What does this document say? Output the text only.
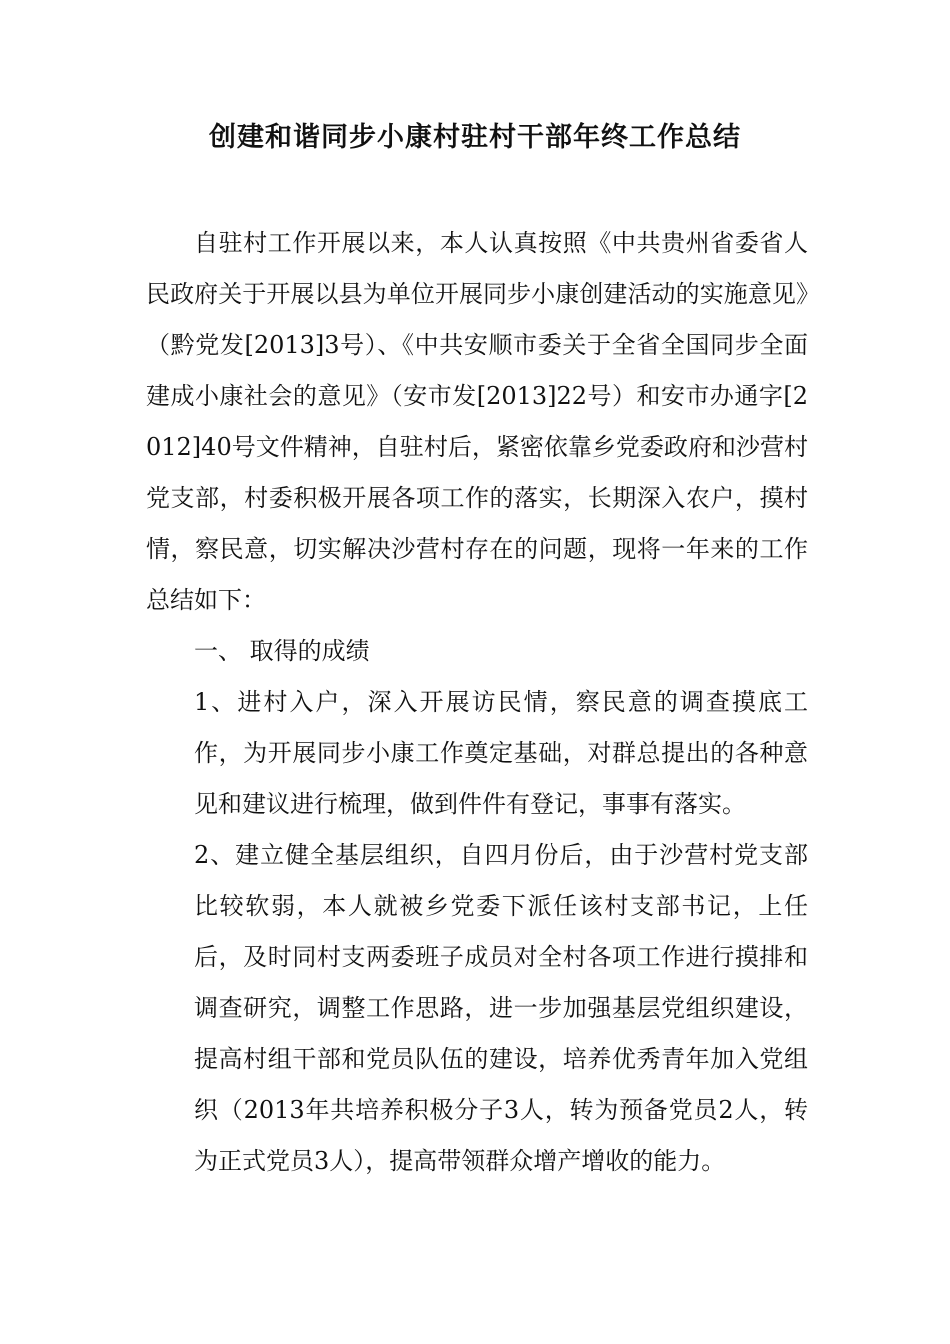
创建和谐同步小康村驻村干部年终工作总结

自驻村工作开展以来，本人认真按照《中共贵州省委省人民政府关于开展以县为单位开展同步小康创建活动的实施意见》（黔党发[2013]3号）、《中共安顺市委关于全省全国同步全面建成小康社会的意见》（安市发[2013]22号）和安市办通字[2012]40号文件精神，自驻村后，紧密依靠乡党委政府和沙营村党支部，村委积极开展各项工作的落实，长期深入农户，摸村情，察民意，切实解决沙营村存在的问题，现将一年来的工作总结如下：

一、 取得的成绩

1、进村入户，深入开展访民情，察民意的调查摸底工作，为开展同步小康工作奠定基础，对群总提出的各种意见和建议进行梳理，做到件件有登记，事事有落实。

2、建立健全基层组织，自四月份后，由于沙营村党支部比较软弱，本人就被乡党委下派任该村支部书记，上任后，及时同村支两委班子成员对全村各项工作进行摸排和调查研究，调整工作思路，进一步加强基层党组织建设，提高村组干部和党员队伍的建设，培养优秀青年加入党组织（2013年共培养积极分子3人，转为预备党员2人，转为正式党员3人），提高带领群众增产增收的能力。
